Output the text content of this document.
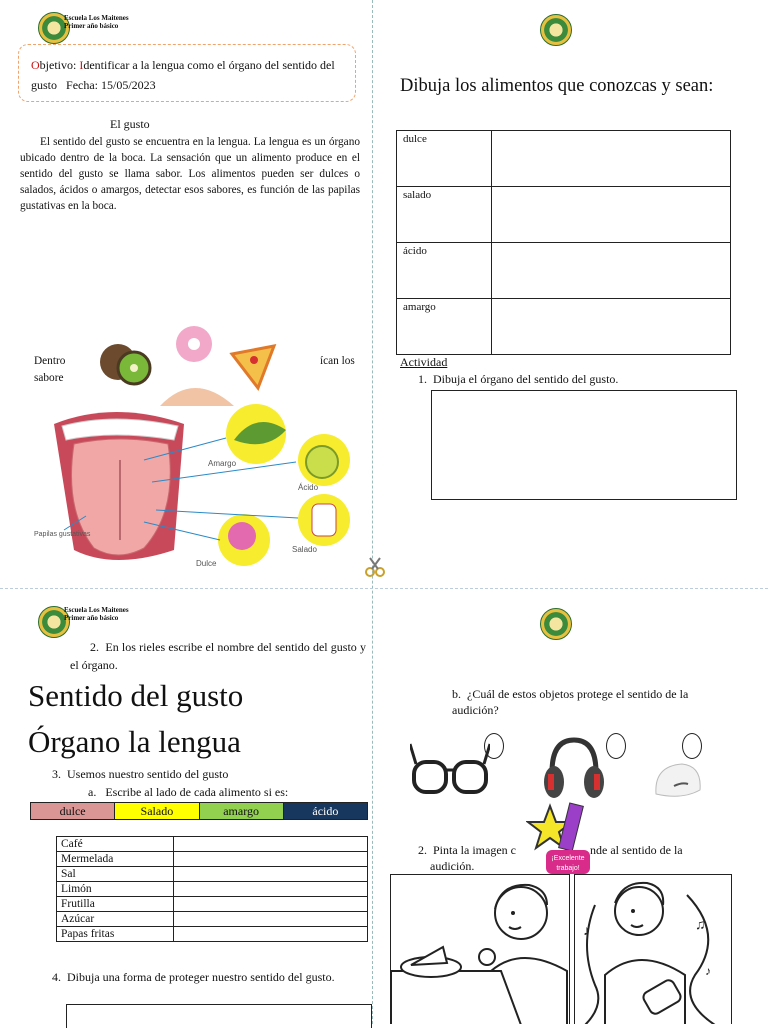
Escuela Los Maitenes
Primer año básico
Objetivo: Identificar a la lengua como el órgano del sentido del gusto Fecha: 15/05/2023
El gusto
El sentido del gusto se encuentra en la lengua. La lengua es un órgano ubicado dentro de la boca. La sensación que un alimento produce en el sentido del gusto se llama sabor. Los alimentos pueden ser dulces o salados, ácidos o amargos, detectar esos sabores, es función de las papilas gustativas en la boca.
Dentro
sabore
ícan los
Amargo
Ácido
Salado
Dulce
Papilas gustativas
Dibuja los alimentos que conozcas y sean:
dulce	
salado	
ácido	
amargo	
Actividad
1.  Dibuja el órgano del sentido del gusto.
Escuela Los Maitenes
Primer año básico
2.  En los rieles escribe el nombre del sentido del gusto y el órgano.
Sentido del gusto
Órgano la lengua
3.  Usemos nuestro sentido del gusto
a.   Escribe al lado de cada alimento si es:
dulce	Salado	amargo	ácido
Café	
Mermelada	
Sal	
Limón	
Frutilla	
Azúcar	
Papas fritas	
4.  Dibuja una forma de proteger nuestro sentido del gusto.
b.  ¿Cuál de estos objetos protege el sentido de la audición?
2.  Pinta la imagen c	nde al sentido de la
audición.
¡Excelente
trabajo!
♪	♫
♪
